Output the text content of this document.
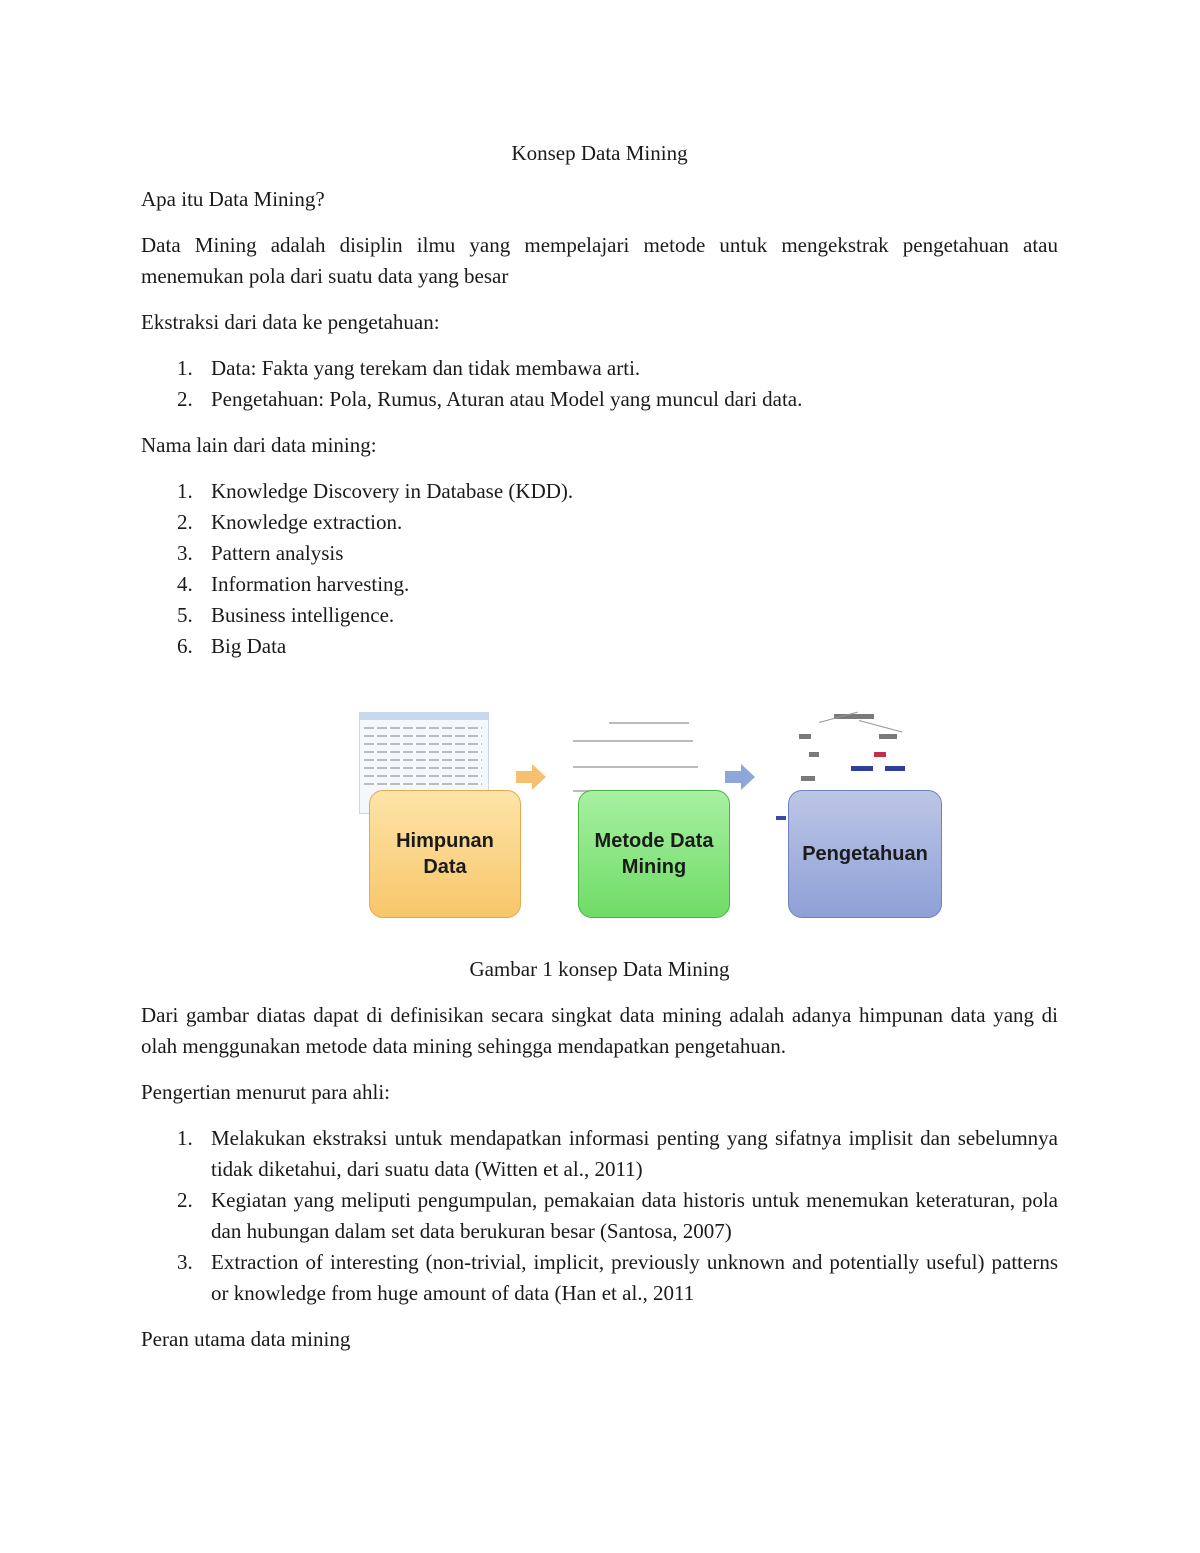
Konsep Data Mining

Apa itu Data Mining?

Data Mining adalah disiplin ilmu yang mempelajari metode untuk mengekstrak pengetahuan atau menemukan pola dari suatu data yang besar

Ekstraksi dari data ke pengetahuan:

1. Data: Fakta yang terekam dan tidak membawa arti.
2. Pengetahuan: Pola, Rumus, Aturan atau Model yang muncul dari data.

Nama lain dari data mining:

1. Knowledge Discovery in Database (KDD).
2. Knowledge extraction.
3. Pattern analysis
4. Information harvesting.
5. Business intelligence.
6. Big Data
Himpunan
Data
Metode Data
Mining
Pengetahuan
Gambar 1 konsep Data Mining

Dari gambar diatas dapat di definisikan secara singkat data mining adalah adanya himpunan data yang di olah menggunakan metode data mining sehingga mendapatkan pengetahuan.

Pengertian menurut para ahli:

1. Melakukan ekstraksi untuk mendapatkan informasi penting yang sifatnya implisit dan sebelumnya tidak diketahui, dari suatu data (Witten et al., 2011)
2. Kegiatan yang meliputi pengumpulan, pemakaian data historis untuk menemukan keteraturan, pola dan hubungan dalam set data berukuran besar (Santosa, 2007)
3. Extraction of interesting (non-trivial, implicit, previously unknown and potentially useful) patterns or knowledge from huge amount of data (Han et al., 2011

Peran utama data mining
